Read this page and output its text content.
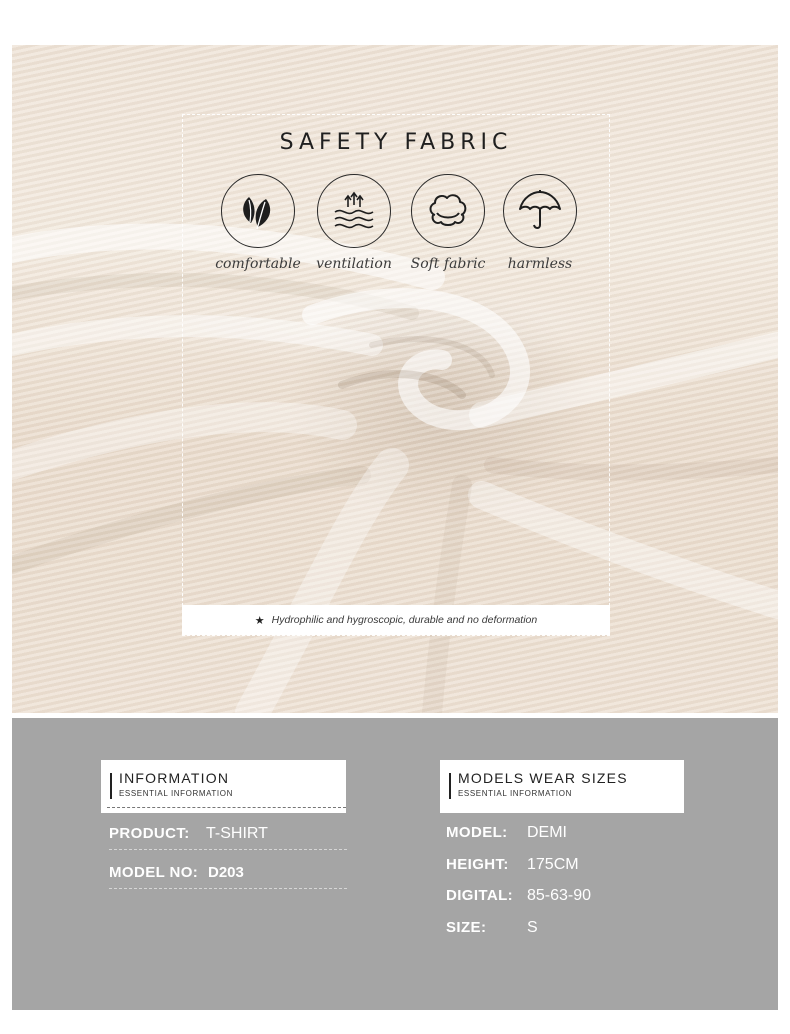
SAFETY FABRIC
comfortable	ventilation	Soft fabric	harmless
★ Hydrophilic and hygroscopic, durable and no deformation
INFORMATION
ESSENTIAL INFORMATION
PRODUCT: T-SHIRT
MODEL NO: D203
MODELS WEAR SIZES
ESSENTIAL INFORMATION
MODEL: DEMI
HEIGHT: 175CM
DIGITAL: 85-63-90
SIZE:	S
